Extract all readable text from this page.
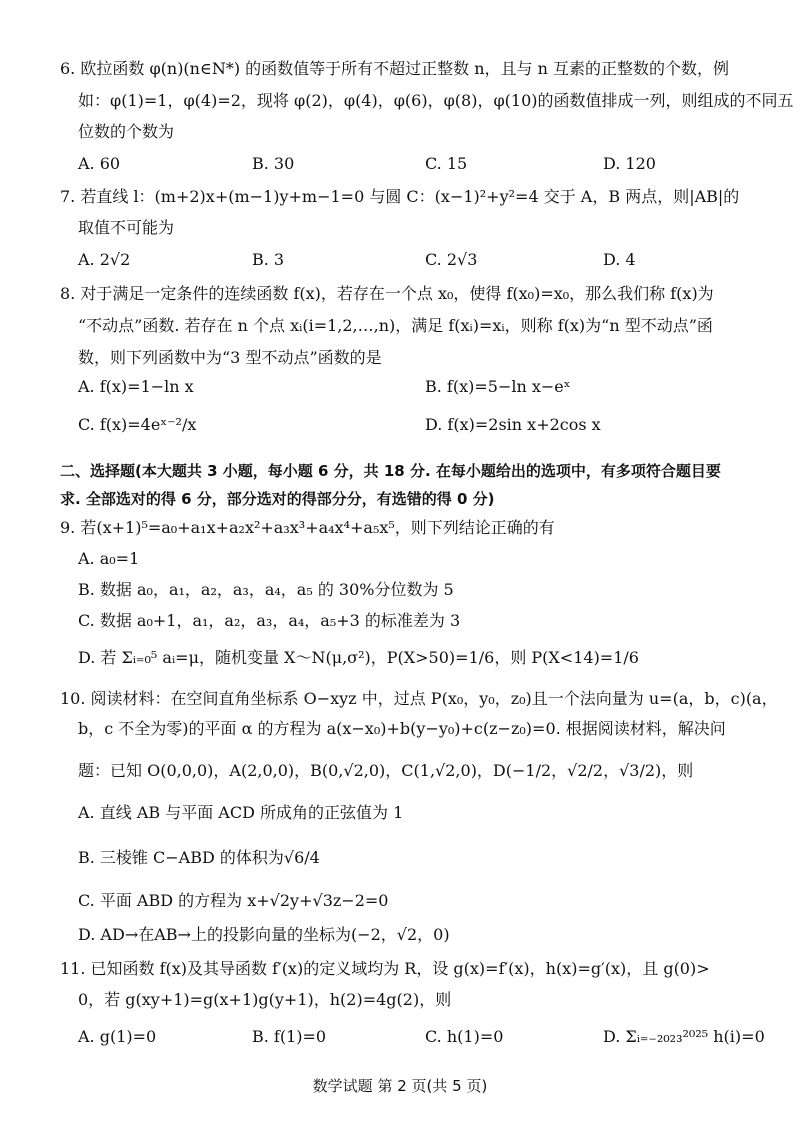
6. 欧拉函数 φ(n)(n∈N*) 的函数值等于所有不超过正整数 n，且与 n 互素的正整数的个数，例
如：φ(1)=1，φ(4)=2，现将 φ(2)，φ(4)，φ(6)，φ(8)，φ(10)的函数值排成一列，则组成的不同五
位数的个数为
A. 60	B. 30	C. 15	D. 120
7. 若直线 l：(m+2)x+(m−1)y+m−1=0 与圆 C：(x−1)²+y²=4 交于 A，B 两点，则|AB|的
取值不可能为
A. 2√2	B. 3	C. 2√3	D. 4
8. 对于满足一定条件的连续函数 f(x)，若存在一个点 x₀，使得 f(x₀)=x₀，那么我们称 f(x)为
“不动点”函数. 若存在 n 个点 xᵢ(i=1,2,…,n)，满足 f(xᵢ)=xᵢ，则称 f(x)为“n 型不动点”函
数，则下列函数中为“3 型不动点”函数的是
A. f(x)=1−ln x	B. f(x)=5−ln x−eˣ
C. f(x)=4eˣ⁻²/x	D. f(x)=2sin x+2cos x
二、选择题(本大题共 3 小题，每小题 6 分，共 18 分. 在每小题给出的选项中，有多项符合题目要
求. 全部选对的得 6 分，部分选对的得部分分，有选错的得 0 分)
9. 若(x+1)⁵=a₀+a₁x+a₂x²+a₃x³+a₄x⁴+a₅x⁵，则下列结论正确的有
A. a₀=1
B. 数据 a₀，a₁，a₂，a₃，a₄，a₅ 的 30%分位数为 5
C. 数据 a₀+1，a₁，a₂，a₃，a₄，a₅+3 的标准差为 3
D. 若 Σᵢ₌₀⁵ aᵢ=μ，随机变量 X～N(μ,σ²)，P(X>50)=1/6，则 P(X<14)=1/6
10. 阅读材料：在空间直角坐标系 O−xyz 中，过点 P(x₀，y₀，z₀)且一个法向量为 u=(a，b，c)(a，
b，c 不全为零)的平面 α 的方程为 a(x−x₀)+b(y−y₀)+c(z−z₀)=0. 根据阅读材料，解决问
题：已知 O(0,0,0)，A(2,0,0)，B(0,√2,0)，C(1,√2,0)，D(−1/2，√2/2，√3/2)，则
A. 直线 AB 与平面 ACD 所成角的正弦值为 1
B. 三棱锥 C−ABD 的体积为√6/4
C. 平面 ABD 的方程为 x+√2y+√3z−2=0
D. AD→在AB→上的投影向量的坐标为(−2，√2，0)
11. 已知函数 f(x)及其导函数 f′(x)的定义域均为 R，设 g(x)=f′(x)，h(x)=g′(x)，且 g(0)>
0，若 g(xy+1)=g(x+1)g(y+1)，h(2)=4g(2)，则
A. g(1)=0	B. f(1)=0	C. h(1)=0	D. Σᵢ₌₋₂₀₂₃²⁰²⁵ h(i)=0
数学试题 第 2 页(共 5 页)
